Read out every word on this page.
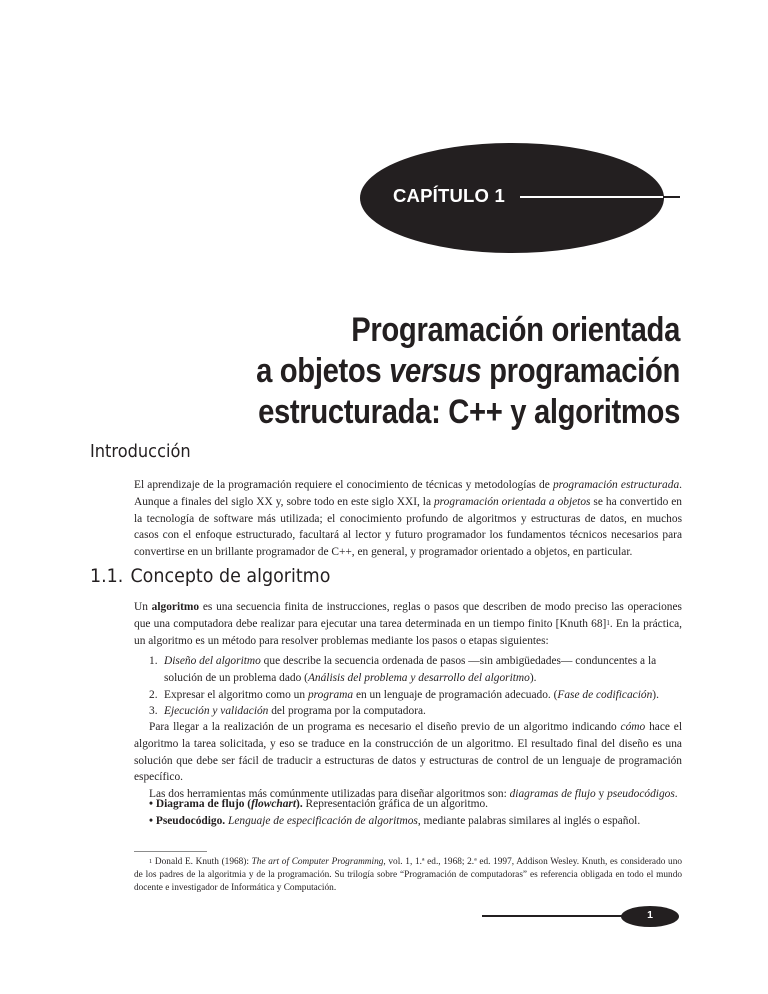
CAPÍTULO 1
Programación orientada
a objetos versus programación
estructurada: C++ y algoritmos
Introducción
El aprendizaje de la programación requiere el conocimiento de técnicas y metodologías de programación estructurada. Aunque a finales del siglo XX y, sobre todo en este siglo XXI, la programación orientada a objetos se ha convertido en la tecnología de software más utilizada; el conocimiento profundo de algoritmos y estructuras de datos, en muchos casos con el enfoque estructurado, facultará al lector y futuro programador los fundamentos técnicos necesarios para convertirse en un brillante programador de C++, en general, y programador orientado a objetos, en particular.
1.1. Concepto de algoritmo
Un algoritmo es una secuencia finita de instrucciones, reglas o pasos que describen de modo preciso las operaciones que una computadora debe realizar para ejecutar una tarea determinada en un tiempo finito [Knuth 68]$^1$. En la práctica, un algoritmo es un método para resolver problemas mediante los pasos o etapas siguientes:
1. Diseño del algoritmo que describe la secuencia ordenada de pasos —sin ambigüedades— conduncentes a la solución de un problema dado (Análisis del problema y desarrollo del algoritmo).
2. Expresar el algoritmo como un programa en un lenguaje de programación adecuado. (Fase de codificación).
3. Ejecución y validación del programa por la computadora.
Para llegar a la realización de un programa es necesario el diseño previo de un algoritmo indicando cómo hace el algoritmo la tarea solicitada, y eso se traduce en la construcción de un algoritmo. El resultado final del diseño es una solución que debe ser fácil de traducir a estructuras de datos y estructuras de control de un lenguaje de programación específico.
Las dos herramientas más comúnmente utilizadas para diseñar algoritmos son: diagramas de flujo y pseudocódigos.
• Diagrama de flujo (flowchart). Representación gráfica de un algoritmo.
• Pseudocódigo. Lenguaje de especificación de algoritmos, mediante palabras similares al inglés o español.
$^1$ Donald E. Knuth (1968): The art of Computer Programming, vol. 1, 1.ª ed., 1968; 2.ª ed. 1997, Addison Wesley. Knuth, es considerado uno de los padres de la algoritmia y de la programación. Su trilogía sobre “Programación de computadoras” es referencia obligada en todo el mundo docente e investigador de Informática y Computación.
1
